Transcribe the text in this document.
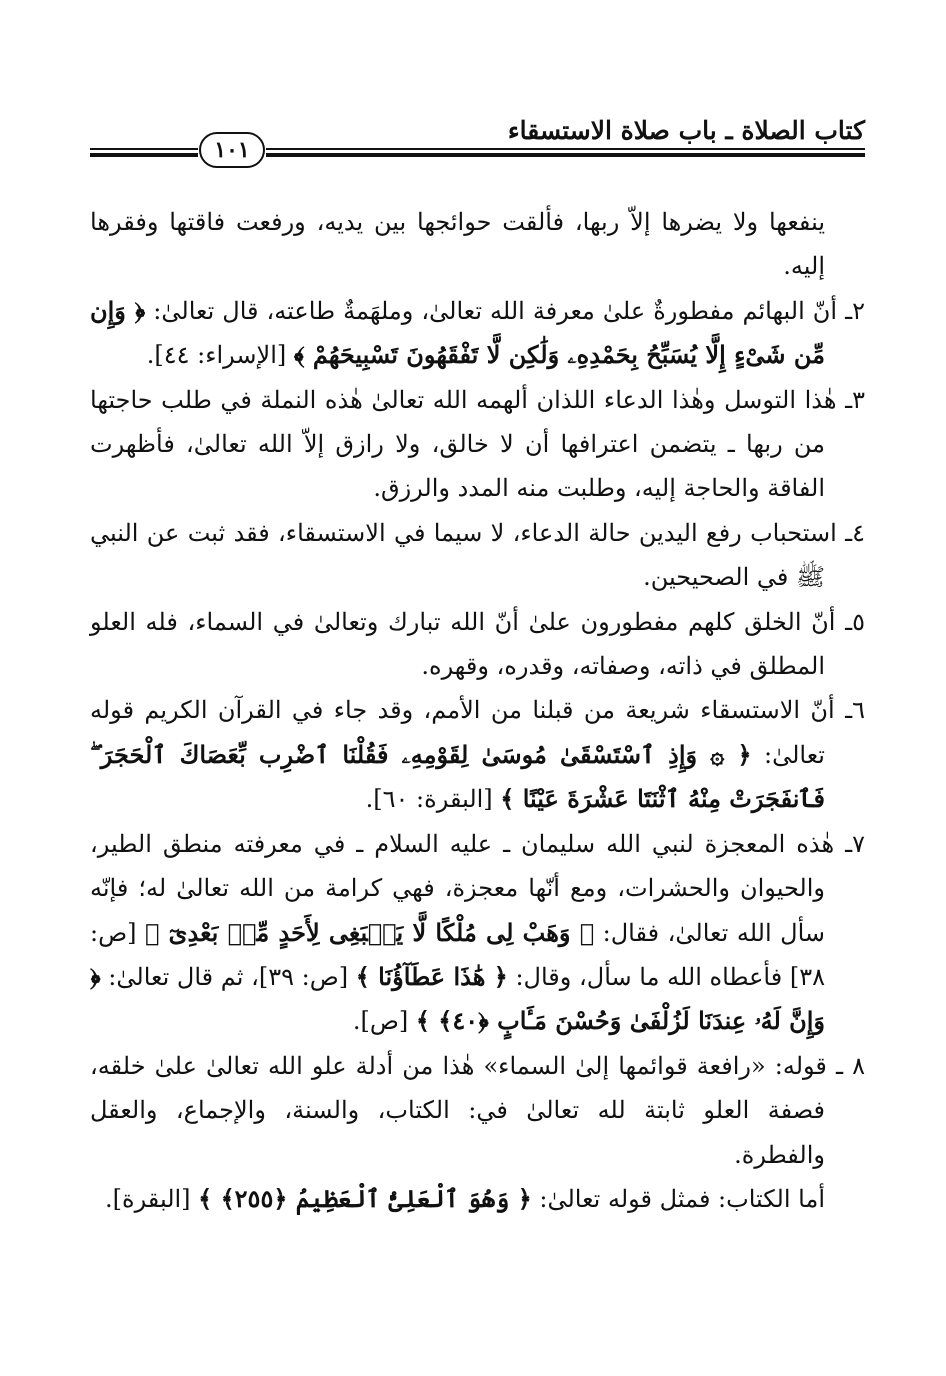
كتاب الصلاة ـ باب صلاة الاستسقاء
١٠١

ينفعها ولا يضرها إلاّ ربها، فألقت حوائجها بين يديه، ورفعت فاقتها وفقرها إليه.

٢ـ أنّ البهائم مفطورةٌ علىٰ معرفة الله تعالىٰ، وملهَمةٌ طاعته، قال تعالىٰ: ﴿ وَإِن مِّن شَىْءٍ إِلَّا يُسَبِّحُ بِحَمْدِهِۦ وَلَٰكِن لَّا تَفْقَهُونَ تَسْبِيحَهُمْ ﴾ [الإسراء: ٤٤].

٣ـ هٰذا التوسل وهٰذا الدعاء اللذان ألهمه الله تعالىٰ هٰذه النملة في طلب حاجتها من ربها ـ يتضمن اعترافها أن لا خالق، ولا رازق إلاّ الله تعالىٰ، فأظهرت الفاقة والحاجة إليه، وطلبت منه المدد والرزق.

٤ـ استحباب رفع اليدين حالة الدعاء، لا سيما في الاستسقاء، فقد ثبت عن النبي ﷺ في الصحيحين.

٥ـ أنّ الخلق كلهم مفطورون علىٰ أنّ الله تبارك وتعالىٰ في السماء، فله العلو المطلق في ذاته، وصفاته، وقدره، وقهره.

٦ـ أنّ الاستسقاء شريعة من قبلنا من الأمم، وقد جاء في القرآن الكريم قوله تعالىٰ: ﴿ ۞ وَإِذِ ٱسْتَسْقَىٰ مُوسَىٰ لِقَوْمِهِۦ فَقُلْنَا ٱضْرِب بِّعَصَاكَ ٱلْحَجَرَ ۖ فَٱنفَجَرَتْ مِنْهُ ٱثْنَتَا عَشْرَةَ عَيْنًا ﴾ [البقرة: ٦٠].

٧ـ هٰذه المعجزة لنبي الله سليمان ـ عليه السلام ـ في معرفته منطق الطير، والحيوان والحشرات، ومع أنّها معجزة، فهي كرامة من الله تعالىٰ له؛ فإنّه سأل الله تعالىٰ، فقال: ﴿ وَهَبْ لِى مُلْكًا لَّا يَنۢبَغِى لِأَحَدٍ مِّنۢ بَعْدِىٓ ﴾ [ص: ٣٨] فأعطاه الله ما سأل، وقال: ﴿ هَٰذَا عَطَآؤُنَا ﴾ [ص: ٣٩]، ثم قال تعالىٰ: ﴿ وَإِنَّ لَهُۥ عِندَنَا لَزُلْفَىٰ وَحُسْنَ مَـَٔابٍ ﴿٤٠﴾ ﴾ [ص].

٨ ـ قوله: «رافعة قوائمها إلىٰ السماء» هٰذا من أدلة علو الله تعالىٰ علىٰ خلقه، فصفة العلو ثابتة لله تعالىٰ في: الكتاب، والسنة، والإجماع، والعقل والفطرة.

أما الكتاب: فمثل قوله تعالىٰ: ﴿ وَهُوَ ٱلْعَلِىُّ ٱلْعَظِيمُ ﴿٢٥٥﴾ ﴾ [البقرة].
